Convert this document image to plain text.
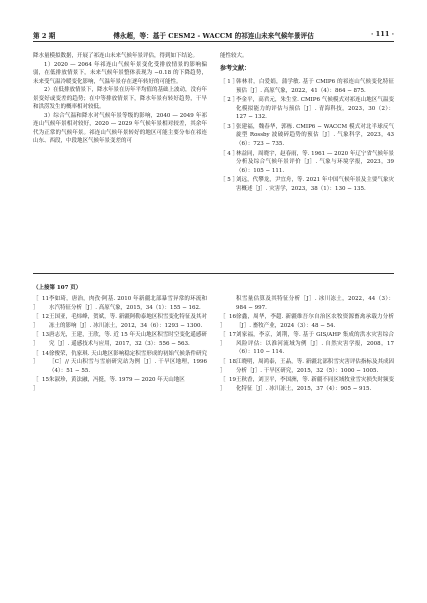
第 2 期	傅永超，等：基于 CESM2 - WACCM 的祁连山未来气候年景评估	· 111 ·

降水量模拟数据，开展了祁连山未来气候年景评估，得到如下结论。

1）2020 — 2064 年祁连山气候年景变化受排放情景的影响偏弱，在低排放情景下，未来气候年景整体表现为 −0.18 的下降趋势，未来受气温冷暖变化影响，气温年景存在逐年转好的可能性。

2）在低排放情景下，降水年景在历年平均值的基础上波动，没有年景变好或变差的趋势；在中等排放情景下，降水年景有转好趋势，干旱和洪涝发生的概率相对较低。

3）综合气温和降水对气候年景等级的影响，2040 — 2049 年祁连山气候年景相对较好，2020 — 2029 年气候年景相对较差，其余年代为正常的气候年景。祁连山气候年景转好的地区可能主要分布在祁连山东、西段，中段地区气候年景变差的可

能性较大。

参考文献：
［ 1 ］
韩林君，白爱娟，蒲学敏. 基于 CMIP6 的祁连山气候变化特征预估［J］. 高原气象，2022，41（4）：864 − 875.
［ 2 ］
李金平，高君元，朱生堂. CMIP6 气候模式对祁连山地区气温变化模拟能力的评估与预估［J］. 青海科技，2023，30（2）：127 − 132.
［ 3 ］
张建福，魏春华，郭栋. CMIP6 − WACCM 模式对北半球反气旋型 Rossby 波破碎趋势的预估［J］. 气象科学，2023，43（6）：723 − 735.
［ 4 ］
林益同，周晓宇，赵春雨，等. 1961 — 2020 年辽宁省气候年景分析及综合气候年景评价［J］. 气象与环境学报，2023，39（6）：105 − 111.
［ 5 ］
刘远，代攀龙，尹宜舟，等. 2021 年中国气候年景及主要气象灾害概述［J］. 灾害学，2023，38（1）：130 − 135.
（上接第 107 页）
［ 11 ］
李如琦，唐治，肉孜·阿基. 2010 年新疆北部暴雪异常的环流和水汽特征分析［J］. 高原气象，2015，34（1）：155 − 162.
［ 12 ］
王国亚，毛炜峰，贺斌，等. 新疆阿勒泰地区积雪变化特征及其对冻土的影响［J］. 冰川冻土，2012，34（6）：1293 − 1300.
［ 13 ］
唐志光，王建，王欣，等. 近 15 年天山地区积雪时空变化遥感研究［J］. 遥感技术与应用，2017，32（3）：556 − 563.
［ 14 ］
徐俊荣，仇家琪. 天山地区影响稳定积雪形成的初始气候条件研究［C］// 天山积雪与雪崩研究站为例［J］. 干旱区地理，1996（4）：51 − 55.
［ 15 ］
朱淑珍，黄法融，冯挺，等. 1979 — 2020 年天山地区
积雪量估算及其特征分析［J］. 冰川冻土，2022，44（3）：984 − 997.
［ 16 ］
徐鑫，周华，李超. 新疆维吾尔自治区农牧资源畜禽承载力分析［J］. 畜牧产业，2024（3）：48 − 54.
［ 17 ］
刘家福，李京，刘荆，等. 基于 GIS/AHP 集成的洪水灾害综合风险评估：以淮河流域为例［J］. 自然灾害学报，2008，17（6）：110 − 114.
［ 18 ］
江晓明，周鸿泰，王晶，等. 新疆北部积雪灾害评估指标及其成因分析［J］. 干旱区研究，2015，32（5）：1000 − 1005.
［ 19 ］
王秋香，刘卫平，李国洲，等. 新疆不同区域牧业雪灾损失时频变化特征［J］. 冰川冻土，2015，37（4）：905 − 915.
